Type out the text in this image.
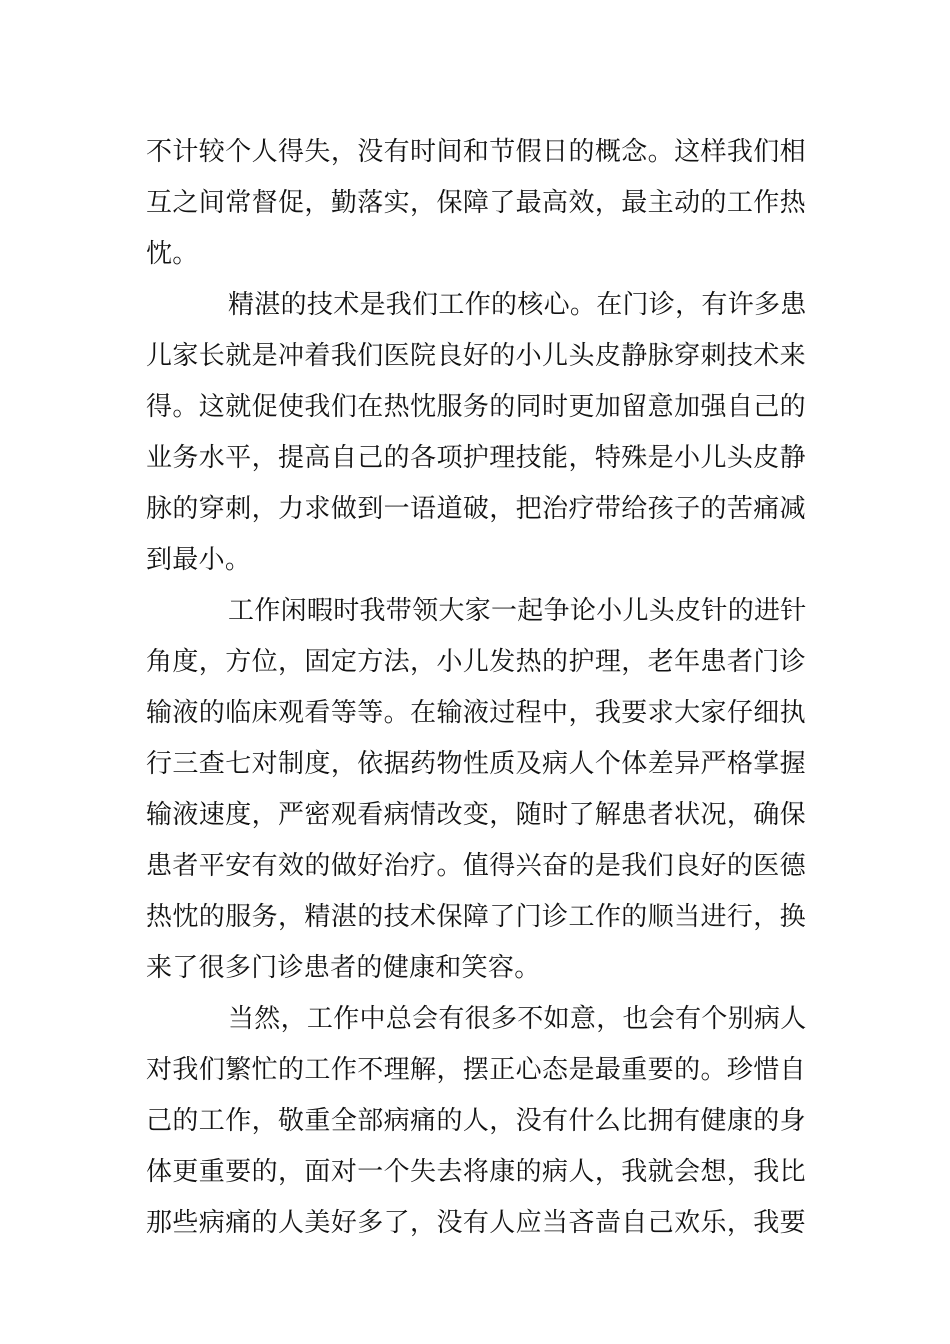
不计较个人得失，没有时间和节假日的概念。这样我们相
互之间常督促，勤落实，保障了最高效，最主动的工作热
忱。
精湛的技术是我们工作的核心。在门诊，有许多患
儿家长就是冲着我们医院良好的小儿头皮静脉穿刺技术来
得。这就促使我们在热忱服务的同时更加留意加强自己的
业务水平，提高自己的各项护理技能，特殊是小儿头皮静
脉的穿刺，力求做到一语道破，把治疗带给孩子的苦痛减
到最小。
工作闲暇时我带领大家一起争论小儿头皮针的进针
角度，方位，固定方法，小儿发热的护理，老年患者门诊
输液的临床观看等等。在输液过程中，我要求大家仔细执
行三查七对制度，依据药物性质及病人个体差异严格掌握
输液速度，严密观看病情改变，随时了解患者状况，确保
患者平安有效的做好治疗。值得兴奋的是我们良好的医德
热忱的服务，精湛的技术保障了门诊工作的顺当进行，换
来了很多门诊患者的健康和笑容。
当然，工作中总会有很多不如意，也会有个别病人
对我们繁忙的工作不理解，摆正心态是最重要的。珍惜自
己的工作，敬重全部病痛的人，没有什么比拥有健康的身
体更重要的，面对一个失去将康的病人，我就会想，我比
那些病痛的人美好多了，没有人应当吝啬自己欢乐，我要
